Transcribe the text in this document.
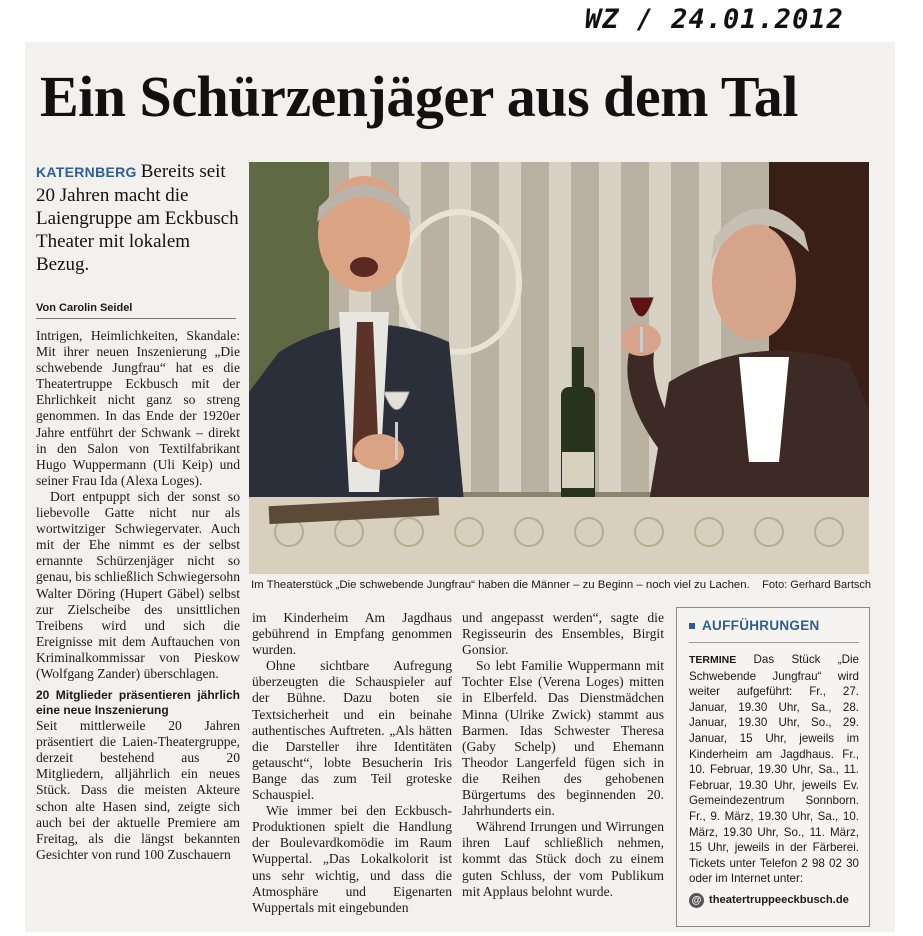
WZ / 24.01.2012
Ein Schürzenjäger aus dem Tal
KATERNBERG Bereits seit 20 Jahren macht die Laiengruppe am Eckbusch Theater mit lokalem Bezug.
Von Carolin Seidel

Intrigen, Heimlichkeiten, Skandale: Mit ihrer neuen Inszenierung „Die schwebende Jungfrau“ hat es die Theatertruppe Eckbusch mit der Ehrlichkeit nicht ganz so streng genommen. In das Ende der 1920er Jahre entführt der Schwank – direkt in den Salon von Textilfabrikant Hugo Wuppermann (Uli Keip) und seiner Frau Ida (Alexa Loges).

Dort entpuppt sich der sonst so liebevolle Gatte nicht nur als wortwitziger Schwiegervater. Auch mit der Ehe nimmt es der selbst ernannte Schürzenjäger nicht so genau, bis schließlich Schwiegersohn Walter Döring (Hupert Gäbel) selbst zur Zielscheibe des unsittlichen Treibens wird und sich die Ereignisse mit dem Auftauchen von Kriminalkommissar von Pieskow (Wolfgang Zander) überschlagen.

20 Mitglieder präsentieren jährlich eine neue Inszenierung

Seit mittlerweile 20 Jahren präsentiert die Laien-Theatergruppe, derzeit bestehend aus 20 Mitgliedern, alljährlich ein neues Stück. Dass die meisten Akteure schon alte Hasen sind, zeigte sich auch bei der aktuelle Premiere am Freitag, als die längst bekannten Gesichter von rund 100 Zuschauern

Im Theaterstück „Die schwebende Jungfrau“ haben die Männer – zu Beginn – noch viel zu Lachen. Foto: Gerhard Bartsch

im Kinderheim Am Jagdhaus gebührend in Empfang genommen wurden.

Ohne sichtbare Aufregung überzeugten die Schauspieler auf der Bühne. Dazu boten sie Textsicherheit und ein beinahe authentisches Auftreten. „Als hätten die Darsteller ihre Identitäten getauscht“, lobte Besucherin Iris Bange das zum Teil groteske Schauspiel.

Wie immer bei den Eckbusch-Produktionen spielt die Handlung der Boulevardkomödie im Raum Wuppertal. „Das Lokalkolorit ist uns sehr wichtig, und dass die Atmosphäre und Eigenarten Wuppertals mit eingebunden

und angepasst werden“, sagte die Regisseurin des Ensembles, Birgit Gonsior.

So lebt Familie Wuppermann mit Tochter Else (Verena Loges) mitten in Elberfeld. Das Dienstmädchen Minna (Ulrike Zwick) stammt aus Barmen. Idas Schwester Theresa (Gaby Schelp) und Ehemann Theodor Langerfeld fügen sich in die Reihen des gehobenen Bürgertums des beginnenden 20. Jahrhunderts ein.

Während Irrungen und Wirrungen ihren Lauf schließlich nehmen, kommt das Stück doch zu einem guten Schluss, der vom Publikum mit Applaus belohnt wurde.

AUFFÜHRUNGEN
TERMINE Das Stück „Die Schwebende Jungfrau“ wird weiter aufgeführt: Fr., 27. Januar, 19.30 Uhr, Sa., 28. Januar, 19.30 Uhr, So., 29. Januar, 15 Uhr, jeweils im Kinderheim am Jagdhaus. Fr., 10. Februar, 19.30 Uhr, Sa., 11. Februar, 19.30 Uhr, jeweils Ev. Gemeindezentrum Sonnborn. Fr., 9. März, 19.30 Uhr, Sa., 10. März, 19.30 Uhr, So., 11. März, 15 Uhr, jeweils in der Färberei. Tickets unter Telefon 2 98 02 30 oder im Internet unter:
@ theatertruppeeckbusch.de
